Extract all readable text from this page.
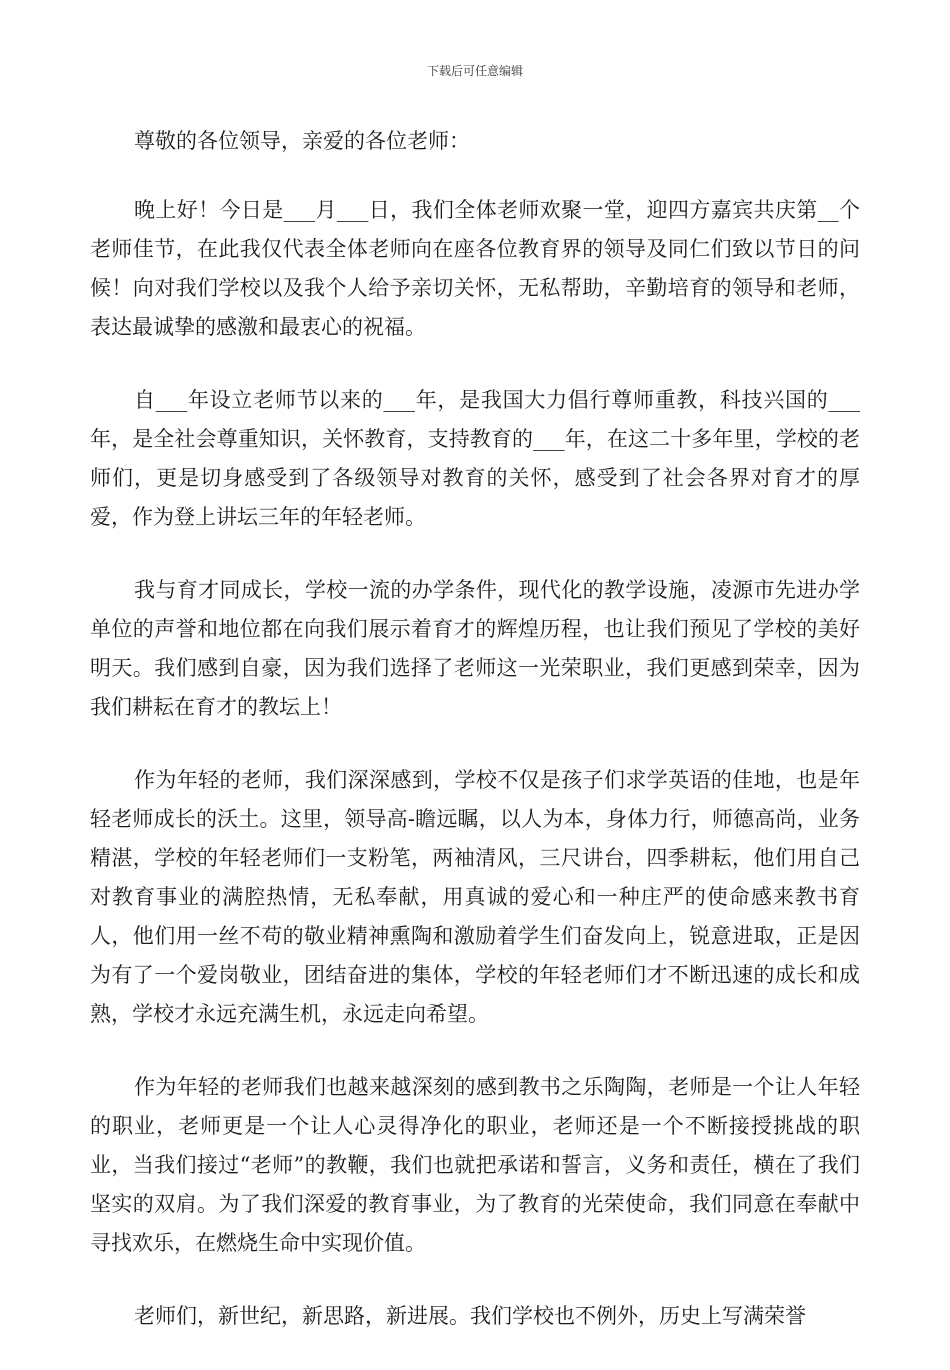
下载后可任意编辑

尊敬的各位领导，亲爱的各位老师：

晚上好！今日是___月___日，我们全体老师欢聚一堂，迎四方嘉宾共庆第__个老师佳节，在此我仅代表全体老师向在座各位教育界的领导及同仁们致以节日的问候！向对我们学校以及我个人给予亲切关怀，无私帮助，辛勤培育的领导和老师，表达最诚挚的感激和最衷心的祝福。

自___年设立老师节以来的___年，是我国大力倡行尊师重教，科技兴国的___年，是全社会尊重知识，关怀教育，支持教育的___年，在这二十多年里，学校的老师们，更是切身感受到了各级领导对教育的关怀，感受到了社会各界对育才的厚爱，作为登上讲坛三年的年轻老师。

我与育才同成长，学校一流的办学条件，现代化的教学设施，凌源市先进办学单位的声誉和地位都在向我们展示着育才的辉煌历程，也让我们预见了学校的美好明天。我们感到自豪，因为我们选择了老师这一光荣职业，我们更感到荣幸，因为我们耕耘在育才的教坛上！

作为年轻的老师，我们深深感到，学校不仅是孩子们求学英语的佳地，也是年轻老师成长的沃土。这里，领导高-瞻远瞩，以人为本，身体力行，师德高尚，业务精湛，学校的年轻老师们一支粉笔，两袖清风，三尺讲台，四季耕耘，他们用自己对教育事业的满腔热情，无私奉献，用真诚的爱心和一种庄严的使命感来教书育人，他们用一丝不苟的敬业精神熏陶和激励着学生们奋发向上，锐意进取，正是因为有了一个爱岗敬业，团结奋进的集体，学校的年轻老师们才不断迅速的成长和成熟，学校才永远充满生机，永远走向希望。

作为年轻的老师我们也越来越深刻的感到教书之乐陶陶，老师是一个让人年轻的职业，老师更是一个让人心灵得净化的职业，老师还是一个不断接授挑战的职业，当我们接过“老师”的教鞭，我们也就把承诺和誓言，义务和责任，横在了我们坚实的双肩。为了我们深爱的教育事业，为了教育的光荣使命，我们同意在奉献中寻找欢乐，在燃烧生命中实现价值。

老师们，新世纪，新思路，新进展。我们学校也不例外，历史上写满荣誉
